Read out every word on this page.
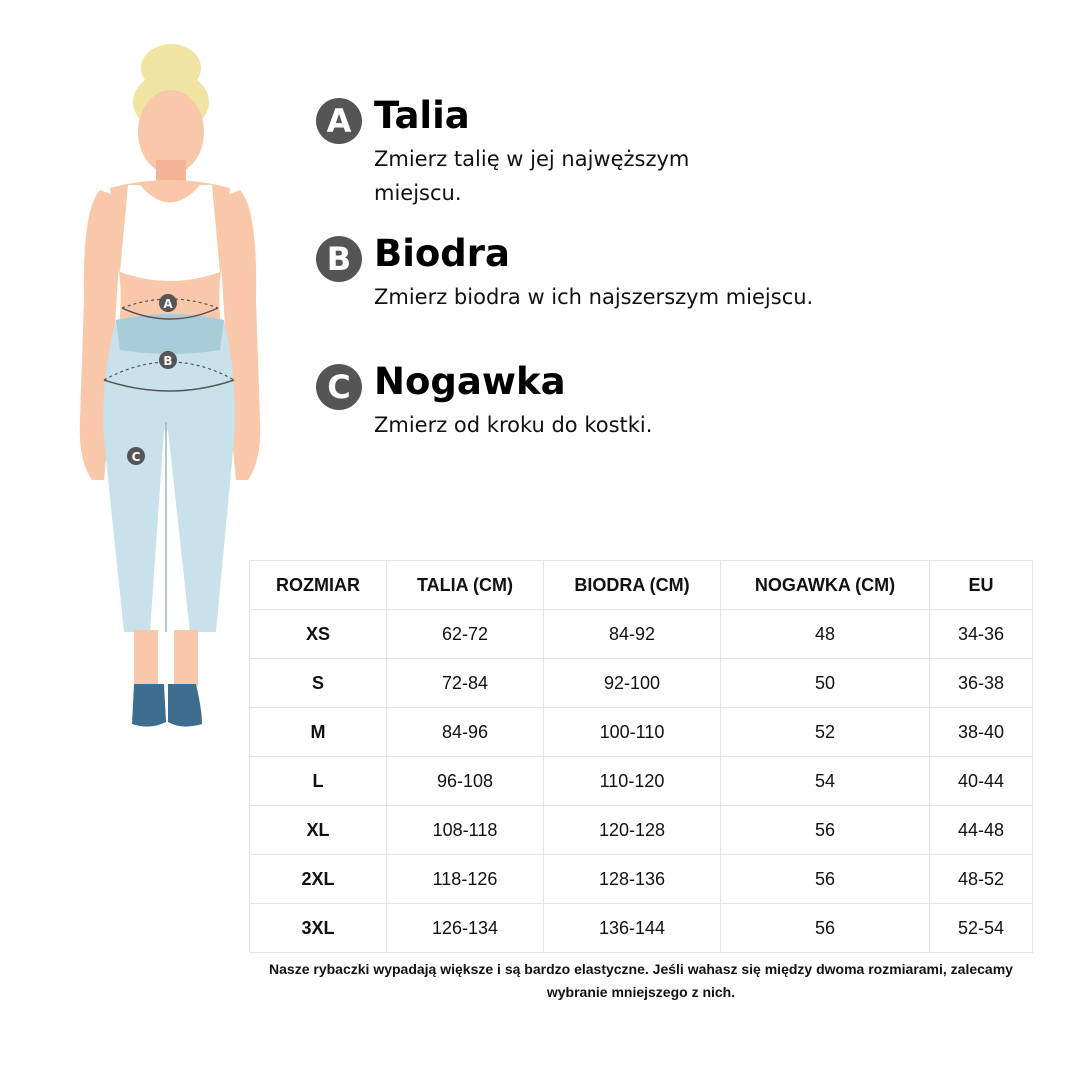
A
B
C
A Talia
Zmierz talię w jej najwęższym miejscu.
B Biodra
Zmierz biodra w ich najszerszym miejscu.
C Nogawka
Zmierz od kroku do kostki.
ROZMIAR	TALIA (CM)	BIODRA (CM)	NOGAWKA (CM)	EU
XS	62-72	84-92	48	34-36
S	72-84	92-100	50	36-38
M	84-96	100-110	52	38-40
L	96-108	110-120	54	40-44
XL	108-118	120-128	56	44-48
2XL	118-126	128-136	56	48-52
3XL	126-134	136-144	56	52-54
Nasze rybaczki wypadają większe i są bardzo elastyczne. Jeśli wahasz się między dwoma rozmiarami, zalecamy wybranie mniejszego z nich.
